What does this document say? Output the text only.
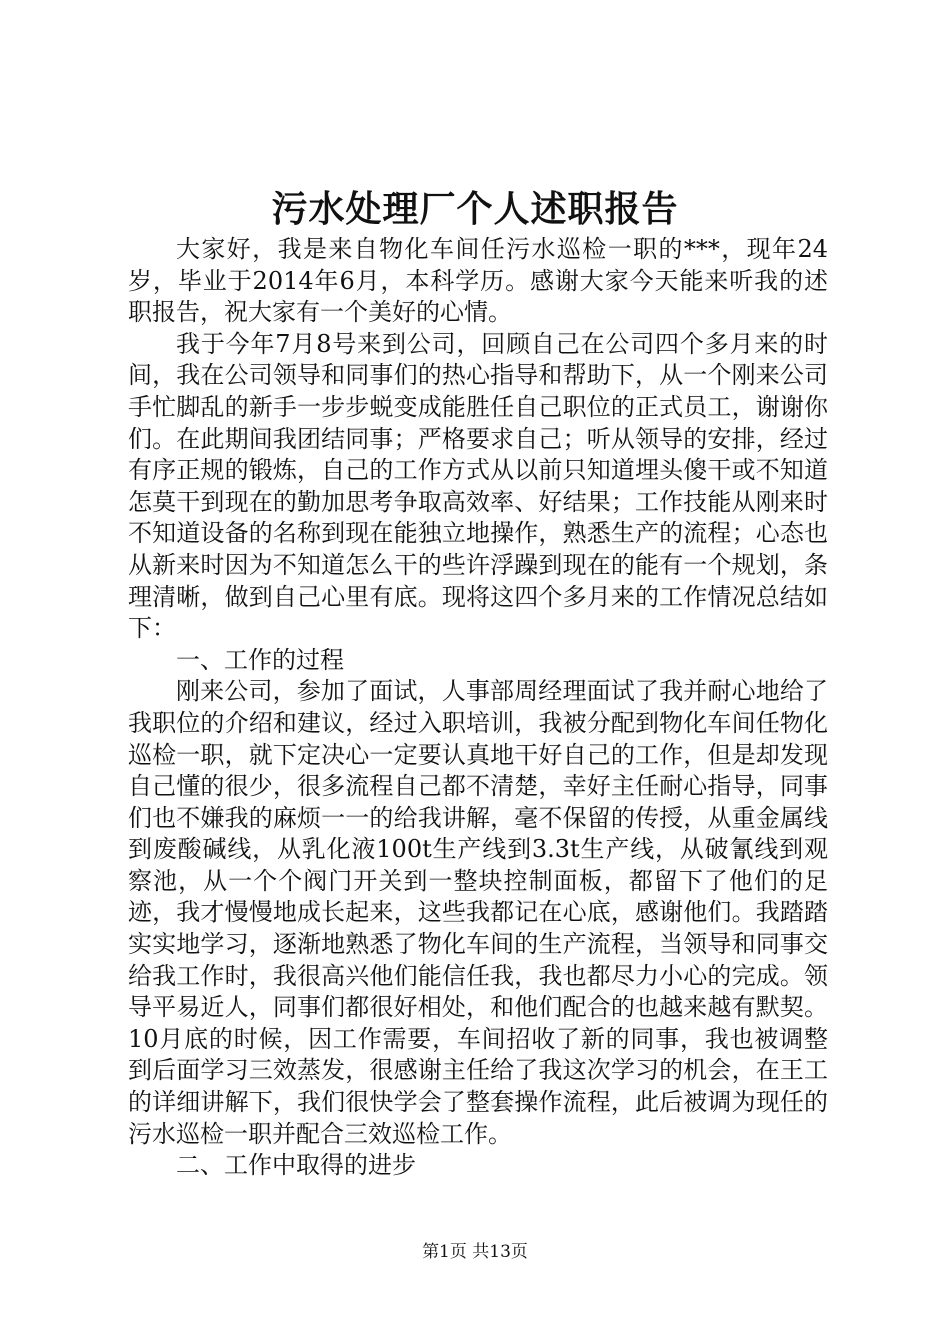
污水处理厂个人述职报告

大家好，我是来自物化车间任污水巡检一职的***，现年24岁，毕业于2014年6月，本科学历。感谢大家今天能来听我的述职报告，祝大家有一个美好的心情。

我于今年7月8号来到公司，回顾自己在公司四个多月来的时间，我在公司领导和同事们的热心指导和帮助下，从一个刚来公司手忙脚乱的新手一步步蜕变成能胜任自己职位的正式员工，谢谢你们。在此期间我团结同事；严格要求自己；听从领导的安排，经过有序正规的锻炼，自己的工作方式从以前只知道埋头傻干或不知道怎莫干到现在的勤加思考争取高效率、好结果；工作技能从刚来时不知道设备的名称到现在能独立地操作，熟悉生产的流程；心态也从新来时因为不知道怎么干的些许浮躁到现在的能有一个规划，条理清晰，做到自己心里有底。现将这四个多月来的工作情况总结如下：

一、工作的过程

刚来公司，参加了面试，人事部周经理面试了我并耐心地给了我职位的介绍和建议，经过入职培训，我被分配到物化车间任物化巡检一职，就下定决心一定要认真地干好自己的工作，但是却发现自己懂的很少，很多流程自己都不清楚，幸好主任耐心指导，同事们也不嫌我的麻烦一一的给我讲解，毫不保留的传授，从重金属线到废酸碱线，从乳化液100t生产线到3.3t生产线，从破氰线到观察池，从一个个阀门开关到一整块控制面板，都留下了他们的足迹，我才慢慢地成长起来，这些我都记在心底，感谢他们。我踏踏实实地学习，逐渐地熟悉了物化车间的生产流程，当领导和同事交给我工作时，我很高兴他们能信任我，我也都尽力小心的完成。领导平易近人，同事们都很好相处，和他们配合的也越来越有默契。10月底的时候，因工作需要，车间招收了新的同事，我也被调整到后面学习三效蒸发，很感谢主任给了我这次学习的机会，在王工的详细讲解下，我们很快学会了整套操作流程，此后被调为现任的污水巡检一职并配合三效巡检工作。

二、工作中取得的进步

第1页 共13页
